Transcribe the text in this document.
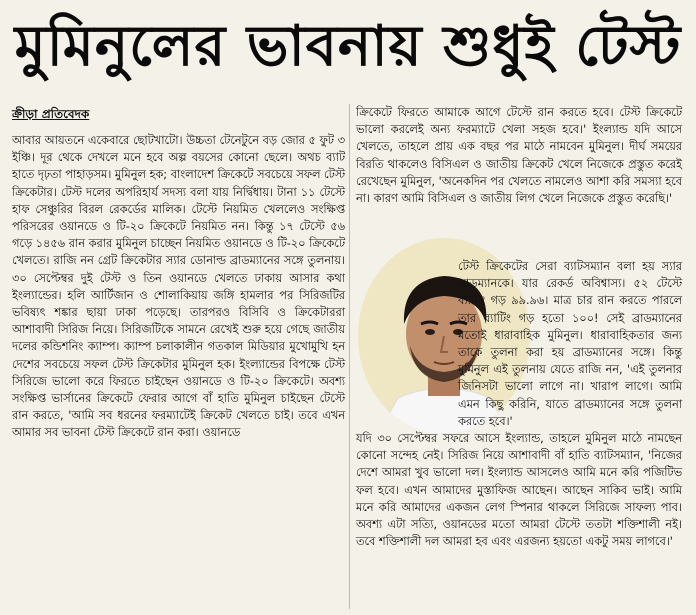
মুমিনুলের ভাবনায় শুধুই টেস্ট
ক্রীড়া প্রতিবেদক

আবার আয়তনে একেবারে ছোটখাটো। উচ্চতা টেনেটুনে বড় জোর ৫ ফুট ৩ ইঞ্চি। দূর থেকে দেখলে মনে হবে অল্প বয়সের কোনো ছেলে। অথচ ব্যাট হাতে দৃঢ়তা পাহাড়সম। মুমিনুল হক; বাংলাদেশ ক্রিকেটে সবচেয়ে সফল টেস্ট ক্রিকেটার। টেস্ট দলের অপরিহার্য সদস্য বলা যায় নির্দ্বিধায়। টানা ১১ টেস্টে হাফ সেঞ্চুরির বিরল রেকর্ডের মালিক। টেস্টে নিয়মিত খেললেও সংক্ষিপ্ত পরিসরের ওয়ানডে ও টি-২০ ক্রিকেটে নিয়মিত নন। কিন্তু ১৭ টেস্টে ৫৬ গড়ে ১৪৫৬ রান করার মুমিনুল চাচ্ছেন নিয়মিত ওয়ানডে ও টি-২০ ক্রিকেটে খেলতে। রাজি নন গ্রেট ক্রিকেটার স্যার ডোনাল্ড ব্রাডম্যানের সঙ্গে তুলনায়। ৩০ সেপ্টেম্বর দুই টেস্ট ও তিন ওয়ানডে খেলতে ঢাকায় আসার কথা ইংল্যান্ডের। হলি আর্টিজান ও শোলাকিয়ায় জঙ্গি হামলার পর সিরিজটির ভবিষ্যৎ শঙ্কার ছায়া ঢাকা পড়েছে। তারপরও বিসিবি ও ক্রিকেটাররা আশাবাদী সিরিজ নিয়ে। সিরিজটিকে সামনে রেখেই শুরু হয়ে গেছে জাতীয় দলের কন্ডিশনিং ক্যাম্প। ক্যাম্প চলাকালীন গতকাল মিডিয়ার মুখোমুখি হন দেশের সবচেয়ে সফল টেস্ট ক্রিকেটার মুমিনুল হক। ইংল্যান্ডের বিপক্ষে টেস্ট সিরিজে ভালো করে ফিরতে চাইছেন ওয়ানডে ও টি-২০ ক্রিকেটে। অবশ্য সংক্ষিপ্ত ভার্সানের ক্রিকেটে ফেরার আগে বাঁ হাতি মুমিনুল চাইছেন টেস্টে রান করতে, 'আমি সব ধরনের ফরম্যাটেই ক্রিকেট খেলতে চাই। তবে এখন আমার সব ভাবনা টেস্ট ক্রিকেটে রান করা। ওয়ানডে

ক্রিকেটে ফিরতে আমাকে আগে টেস্টে রান করতে হবে। টেস্ট ক্রিকেটে ভালো করলেই অন্য ফরম্যাটে খেলা সহজ হবে।' ইংল্যান্ড যদি আসে খেলতে, তাহলে প্রায় এক বছর পর মাঠে নামবেন মুমিনুল। দীর্ঘ সময়ের বিরতি থাকলেও বিসিএল ও জাতীয় ক্রিকেট খেলে নিজেকে প্রস্তুত করেই রেখেছেন মুমিনুল, 'অনেকদিন পর খেলতে নামলেও আশা করি সমস্যা হবে না। কারণ আমি বিসিএল ও জাতীয় লিগ খেলে নিজেকে প্রস্তুত করেছি।'

টেস্ট ক্রিকেটের সেরা ব্যাটসম্যান বলা হয় স্যার ব্রাডম্যানকে। যার রেকর্ড অবিশ্বাস্য। ৫২ টেস্টে ব্যাটিং গড় ৯৯.৯৬। মাত্র চার রান করতে পারলে তার ব্যাটিং গড় হতো ১০০! সেই ব্রাডম্যানের মতোই ধারাবাহিক মুমিনুল। ধারাবাহিকতার জন্য তাকে তুলনা করা হয় ব্রাডম্যানের সঙ্গে। কিন্তু মুমিনুল এই তুলনায় যেতে রাজি নন, 'এই তুলনার জিনিসটা ভালো লাগে না। খারাপ লাগে। আমি এমন কিছু করিনি, যাতে ব্রাডম্যানের সঙ্গে তুলনা করতে হবে।'

যদি ৩০ সেপ্টেম্বর সফরে আসে ইংল্যান্ড, তাহলে মুমিনুল মাঠে নামছেন কোনো সন্দেহ নেই। সিরিজ নিয়ে আশাবাদী বাঁ হাতি ব্যাটসম্যান, 'নিজের দেশে আমরা খুব ভালো দল। ইংল্যান্ড আসলেও আমি মনে করি পজিটিভ ফল হবে। এখন আমাদের মুস্তাফিজ আছেন। আছেন সাকিব ভাই। আমি মনে করি আমাদের একজন লেগ স্পিনার থাকলে সিরিজে সাফল্য পাব। অবশ্য এটা সত্যি, ওয়ানডের মতো আমরা টেস্টে ততটা শক্তিশালী নই। তবে শক্তিশালী দল আমরা হব এবং এরজন্য হয়তো একটু সময় লাগবে।'
